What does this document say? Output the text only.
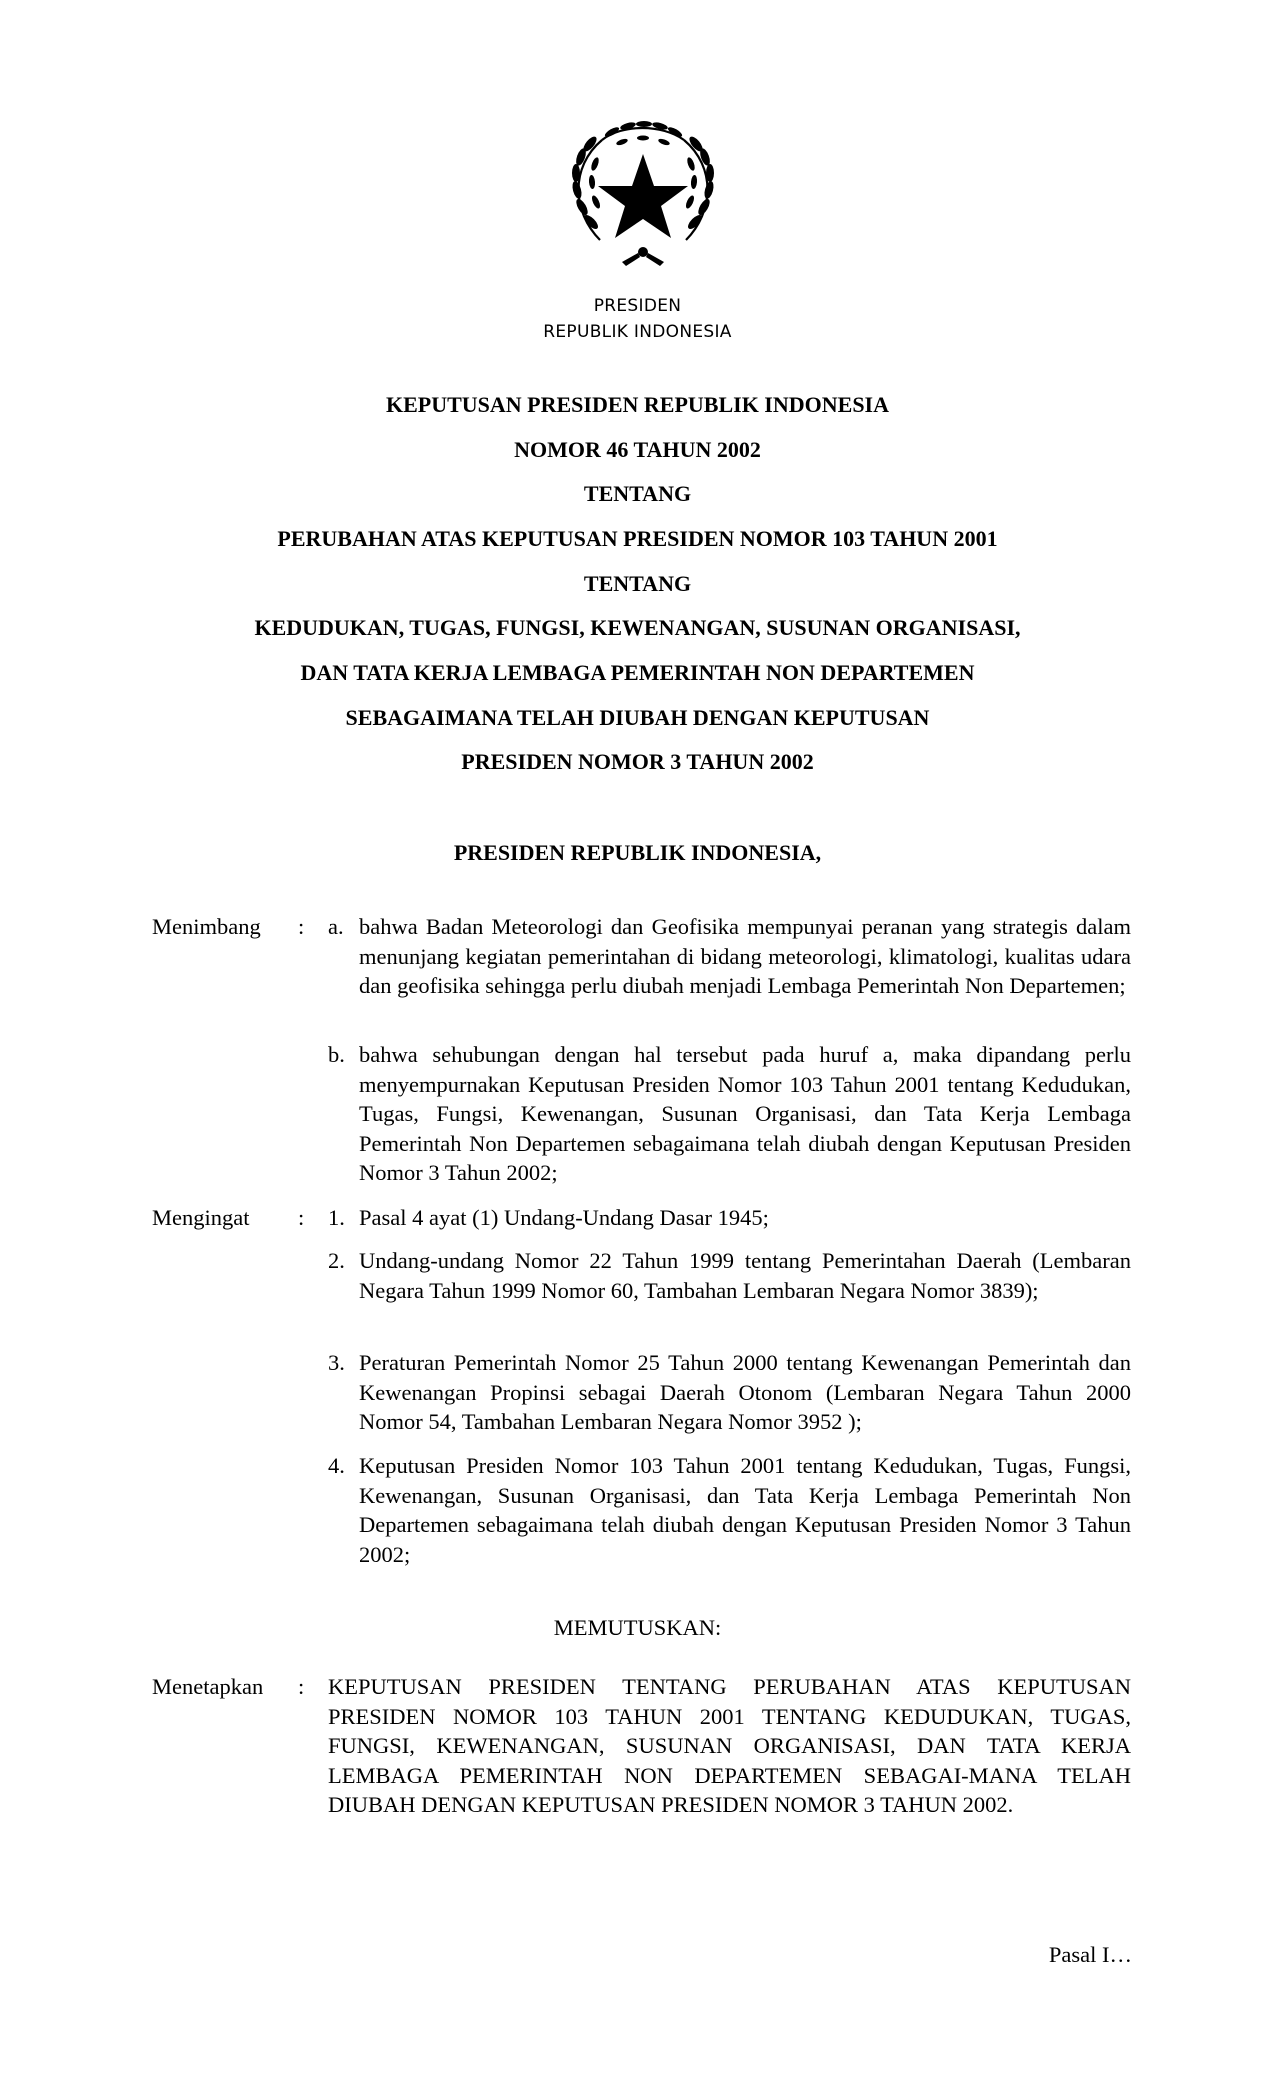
PRESIDEN
REPUBLIK INDONESIA
KEPUTUSAN PRESIDEN REPUBLIK INDONESIA
NOMOR 46 TAHUN 2002
TENTANG
PERUBAHAN ATAS KEPUTUSAN PRESIDEN NOMOR 103 TAHUN 2001
TENTANG
KEDUDUKAN, TUGAS, FUNGSI, KEWENANGAN, SUSUNAN ORGANISASI,
DAN TATA KERJA LEMBAGA PEMERINTAH NON DEPARTEMEN
SEBAGAIMANA TELAH DIUBAH DENGAN KEPUTUSAN
PRESIDEN NOMOR 3 TAHUN 2002
PRESIDEN REPUBLIK INDONESIA,
Menimbang : a. bahwa Badan Meteorologi dan Geofisika mempunyai peranan yang strategis dalam menunjang kegiatan pemerintahan di bidang meteorologi, klimatologi, kualitas udara dan geofisika sehingga perlu diubah menjadi Lembaga Pemerintah Non Departemen;
b. bahwa sehubungan dengan hal tersebut pada huruf a, maka dipandang perlu menyempurnakan Keputusan Presiden Nomor 103 Tahun 2001 tentang Kedudukan, Tugas, Fungsi, Kewenangan, Susunan Organisasi, dan Tata Kerja Lembaga Pemerintah Non Departemen sebagaimana telah diubah dengan Keputusan Presiden Nomor 3 Tahun 2002;
Mengingat : 1. Pasal 4 ayat (1) Undang-Undang Dasar 1945;
2. Undang-undang Nomor 22 Tahun 1999 tentang Pemerintahan Daerah (Lembaran Negara Tahun 1999 Nomor 60, Tambahan Lembaran Negara Nomor 3839);
3. Peraturan Pemerintah Nomor 25 Tahun 2000 tentang Kewenangan Pemerintah dan Kewenangan Propinsi sebagai Daerah Otonom (Lembaran Negara Tahun 2000 Nomor 54, Tambahan Lembaran Negara Nomor 3952 );
4. Keputusan Presiden Nomor 103 Tahun 2001 tentang Kedudukan, Tugas, Fungsi, Kewenangan, Susunan Organisasi, dan Tata Kerja Lembaga Pemerintah Non Departemen sebagaimana telah diubah dengan Keputusan Presiden Nomor 3 Tahun 2002;
MEMUTUSKAN:
Menetapkan : KEPUTUSAN PRESIDEN TENTANG PERUBAHAN ATAS KEPUTUSAN PRESIDEN NOMOR 103 TAHUN 2001 TENTANG KEDUDUKAN, TUGAS, FUNGSI, KEWENANGAN, SUSUNAN ORGANISASI, DAN TATA KERJA LEMBAGA PEMERINTAH NON DEPARTEMEN SEBAGAI-MANA TELAH DIUBAH DENGAN KEPUTUSAN PRESIDEN NOMOR 3 TAHUN 2002.
Pasal I…
